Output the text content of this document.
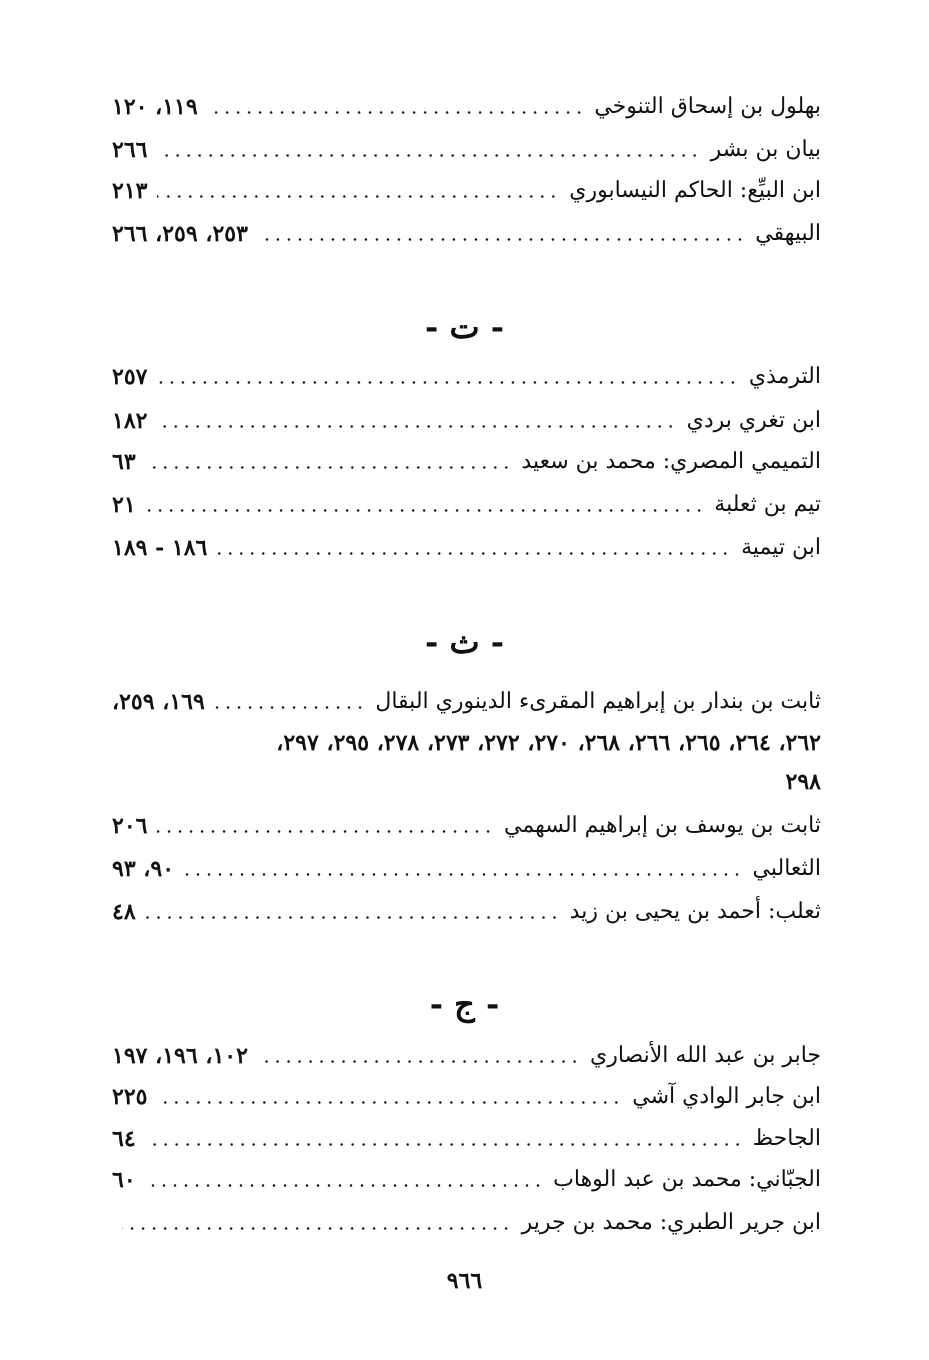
بهلول بن إسحاق التنوخي
١١٩، ١٢٠
بيان بن بشر
٢٦٦
ابن البيِّع: الحاكم النيسابوري
٢١٣
البيهقي
٢٥٣، ٢٥٩، ٢٦٦
- ت -
الترمذي
٢٥٧
ابن تغري بردي
١٨٢
التميمي المصري: محمد بن سعيد
٦٣
تيم بن ثعلبة
٢١
ابن تيمية
١٨٦ - ١٨٩
- ث -
ثابت بن بندار بن إبراهيم المقرىء الدينوري البقال
١٦٩، ٢٥٩،
٢٦٢، ٢٦٤، ٢٦٥، ٢٦٦، ٢٦٨، ٢٧٠، ٢٧٢، ٢٧٣، ٢٧٨، ٢٩٥، ٢٩٧،
٢٩٨
ثابت بن يوسف بن إبراهيم السهمي
٢٠٦
الثعالبي
٩٠، ٩٣
ثعلب: أحمد بن يحيى بن زيد
٤٨
- ج -
جابر بن عبد الله الأنصاري
١٠٢، ١٩٦، ١٩٧
ابن جابر الوادي آشي
٢٢٥
الجاحظ
٦٤
الجبّاني: محمد بن عبد الوهاب
٦٠
ابن جرير الطبري: محمد بن جرير
٩٦٦
